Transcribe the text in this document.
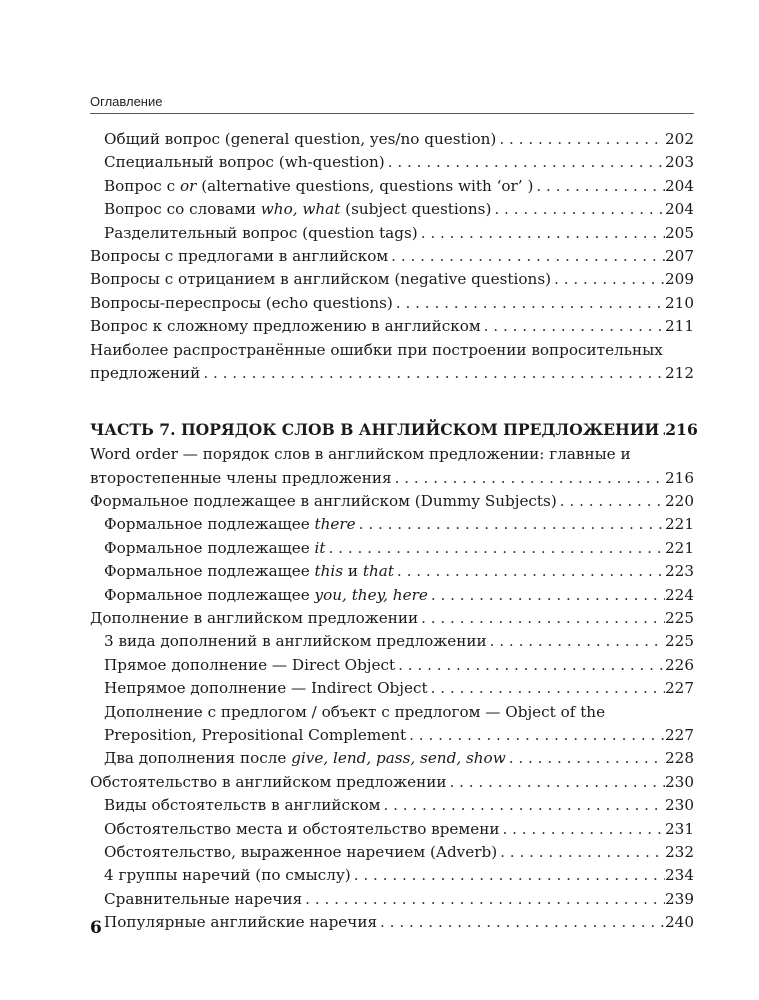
Оглавление
Общий вопрос (general question, yes/no question) . . .	202
Специальный вопрос (wh-question) . . .	203
Вопрос с or (alternative questions, questions with ‘or’ ) . . .	204
Вопрос со словами who, what (subject questions) . . .	204
Разделительный вопрос (question tags) . . .	205
Вопросы с предлогами в английском . . .	207
Вопросы с отрицанием в английском (negative questions) . . .	209
Вопросы-переспросы (echo questions) . . .	210
Вопрос к сложному предложению в английском . . .	211
Наиболее распространённые ошибки при построении вопросительных
предложений . . .	212
ЧАСТЬ 7. ПОРЯДОК СЛОВ В АНГЛИЙСКОМ ПРЕДЛОЖЕНИИ . . . 216
Word order — порядок слов в английском предложении: главные и
второстепенные члены предложения . . .	216
Формальное подлежащее в английском (Dummy Subjects) . . .	220
Формальное подлежащее there . . .	221
Формальное подлежащее it . . .	221
Формальное подлежащее this и that . . .	223
Формальное подлежащее you, they, here . . .	224
Дополнение в английском предложении . . .	225
3 вида дополнений в английском предложении . . .	225
Прямое дополнение — Direct Object . . .	226
Непрямое дополнение — Indirect Object . . .	227
Дополнение с предлогом / объект с предлогом — Object of the
Preposition, Prepositional Complement . . .	227
Два дополнения после give, lend, pass, send, show . . .	228
Обстоятельство в английском предложении . . .	230
Виды обстоятельств в английском . . .	230
Обстоятельство места и обстоятельство времени . . .	231
Обстоятельство, выраженное наречием (Adverb) . . .	232
4 группы наречий (по смыслу) . . .	234
Сравнительные наречия . . .	239
Популярные английские наречия . . .	240
6
